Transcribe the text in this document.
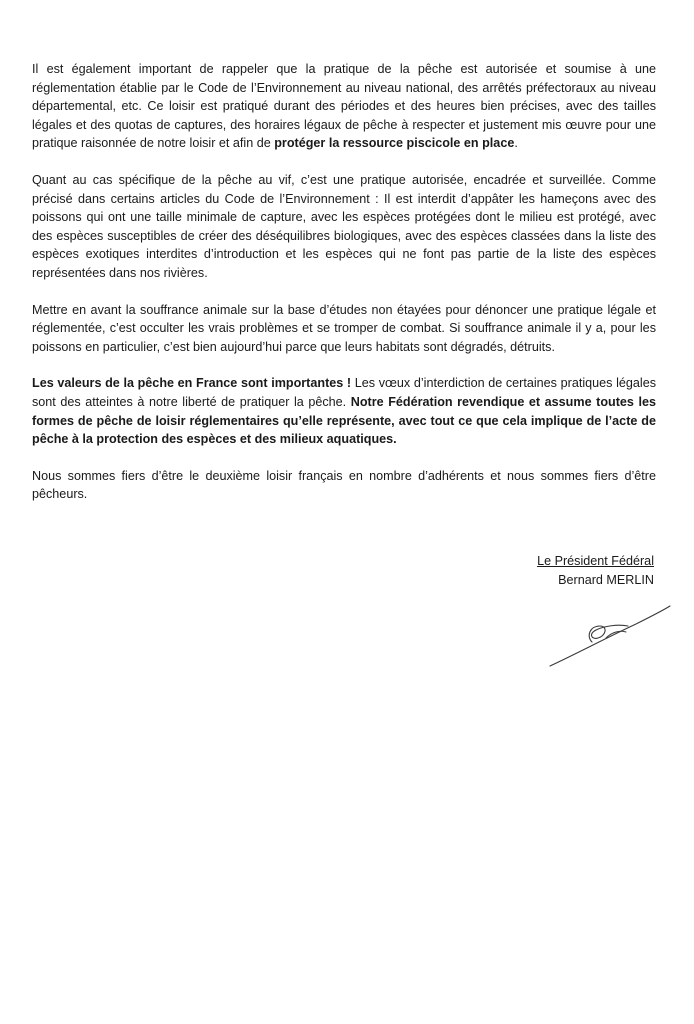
Il est également important de rappeler que la pratique de la pêche est autorisée et soumise à une réglementation établie par le Code de l’Environnement au niveau national, des arrêtés préfectoraux au niveau départemental, etc. Ce loisir est pratiqué durant des périodes et des heures bien précises, avec des tailles légales et des quotas de captures, des horaires légaux de pêche à respecter et justement mis œuvre pour une pratique raisonnée de notre loisir et afin de protéger la ressource piscicole en place.

Quant au cas spécifique de la pêche au vif, c’est une pratique autorisée, encadrée et surveillée. Comme précisé dans certains articles du Code de l’Environnement : Il est interdit d’appâter les hameçons avec des poissons qui ont une taille minimale de capture, avec les espèces protégées dont le milieu est protégé, avec des espèces susceptibles de créer des déséquilibres biologiques, avec des espèces classées dans la liste des espèces exotiques interdites d’introduction et les espèces qui ne font pas partie de la liste des espèces représentées dans nos rivières.

Mettre en avant la souffrance animale sur la base d’études non étayées pour dénoncer une pratique légale et réglementée, c’est occulter les vrais problèmes et se tromper de combat. Si souffrance animale il y a, pour les poissons en particulier, c’est bien aujourd’hui parce que leurs habitats sont dégradés, détruits.

Les valeurs de la pêche en France sont importantes ! Les vœux d’interdiction de certaines pratiques légales sont des atteintes à notre liberté de pratiquer la pêche. Notre Fédération revendique et assume toutes les formes de pêche de loisir réglementaires qu’elle représente, avec tout ce que cela implique de l’acte de pêche à la protection des espèces et des milieux aquatiques.

Nous sommes fiers d’être le deuxième loisir français en nombre d’adhérents et nous sommes fiers d’être pêcheurs.

Le Président Fédéral
Bernard MERLIN
